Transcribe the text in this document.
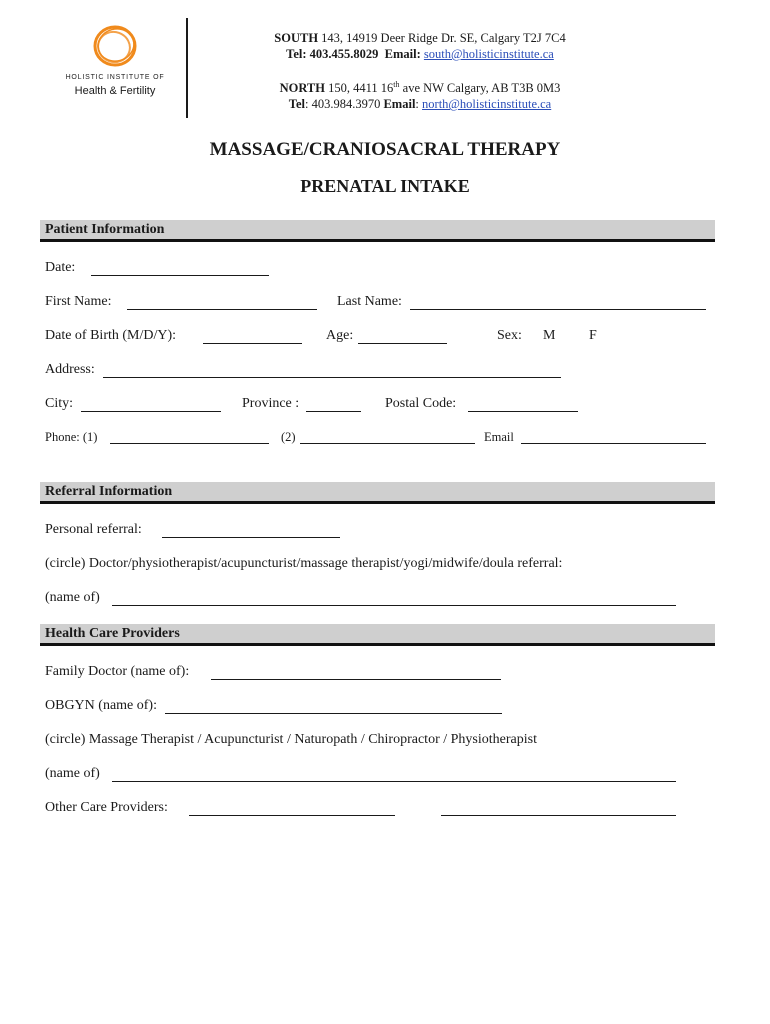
HOLISTIC INSTITUTE OF
Health & Fertility
SOUTH 143, 14919 Deer Ridge Dr. SE, Calgary T2J 7C4
Tel: 403.455.8029 Email: south@holisticinstitute.ca
NORTH 150, 4411 16th ave NW Calgary, AB T3B 0M3
Tel: 403.984.3970 Email: north@holisticinstitute.ca
MASSAGE/CRANIOSACRAL THERAPY
PRENATAL INTAKE
Patient Information
Date:
First Name:	Last Name:
Date of Birth (M/D/Y):	Age:	Sex: M F
Address:
City:	Province :	Postal Code:
Phone: (1)	(2)	Email
Referral Information
Personal referral:
(circle) Doctor/physiotherapist/acupuncturist/massage therapist/yogi/midwife/doula referral:
(name of)
Health Care Providers
Family Doctor (name of):
OBGYN (name of):
(circle) Massage Therapist / Acupuncturist / Naturopath / Chiropractor / Physiotherapist
(name of)
Other Care Providers:
